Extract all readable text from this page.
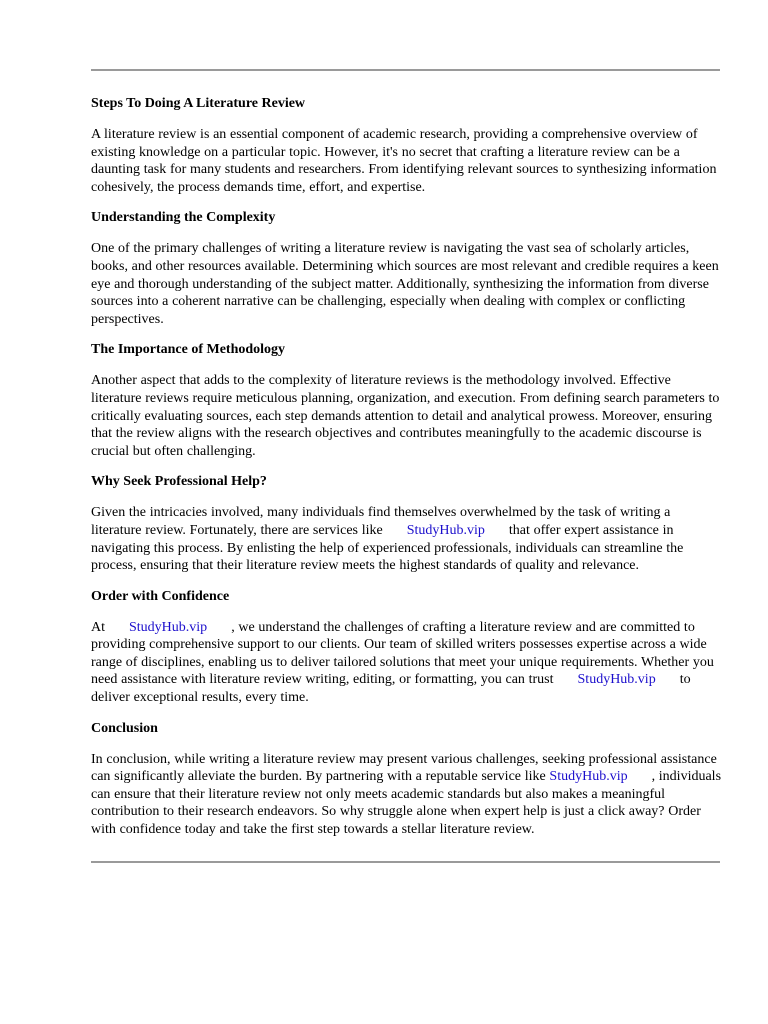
Steps To Doing A Literature Review

A literature review is an essential component of academic research, providing a comprehensive overview of existing knowledge on a particular topic. However, it's no secret that crafting a literature review can be a daunting task for many students and researchers. From identifying relevant sources to synthesizing information cohesively, the process demands time, effort, and expertise.

Understanding the Complexity

One of the primary challenges of writing a literature review is navigating the vast sea of scholarly articles, books, and other resources available. Determining which sources are most relevant and credible requires a keen eye and thorough understanding of the subject matter. Additionally, synthesizing the information from diverse sources into a coherent narrative can be challenging, especially when dealing with complex or conflicting perspectives.

The Importance of Methodology

Another aspect that adds to the complexity of literature reviews is the methodology involved. Effective literature reviews require meticulous planning, organization, and execution. From defining search parameters to critically evaluating sources, each step demands attention to detail and analytical prowess. Moreover, ensuring that the review aligns with the research objectives and contributes meaningfully to the academic discourse is crucial but often challenging.

Why Seek Professional Help?

Given the intricacies involved, many individuals find themselves overwhelmed by the task of writing a literature review. Fortunately, there are services like StudyHub.vip that offer expert assistance in navigating this process. By enlisting the help of experienced professionals, individuals can streamline the process, ensuring that their literature review meets the highest standards of quality and relevance.

Order with Confidence

At StudyHub.vip , we understand the challenges of crafting a literature review and are committed to providing comprehensive support to our clients. Our team of skilled writers possesses expertise across a wide range of disciplines, enabling us to deliver tailored solutions that meet your unique requirements. Whether you need assistance with literature review writing, editing, or formatting, you can trust StudyHub.vip to deliver exceptional results, every time.

Conclusion

In conclusion, while writing a literature review may present various challenges, seeking professional assistance can significantly alleviate the burden. By partnering with a reputable service like StudyHub.vip , individuals can ensure that their literature review not only meets academic standards but also makes a meaningful contribution to their research endeavors. So why struggle alone when expert help is just a click away? Order with confidence today and take the first step towards a stellar literature review.
